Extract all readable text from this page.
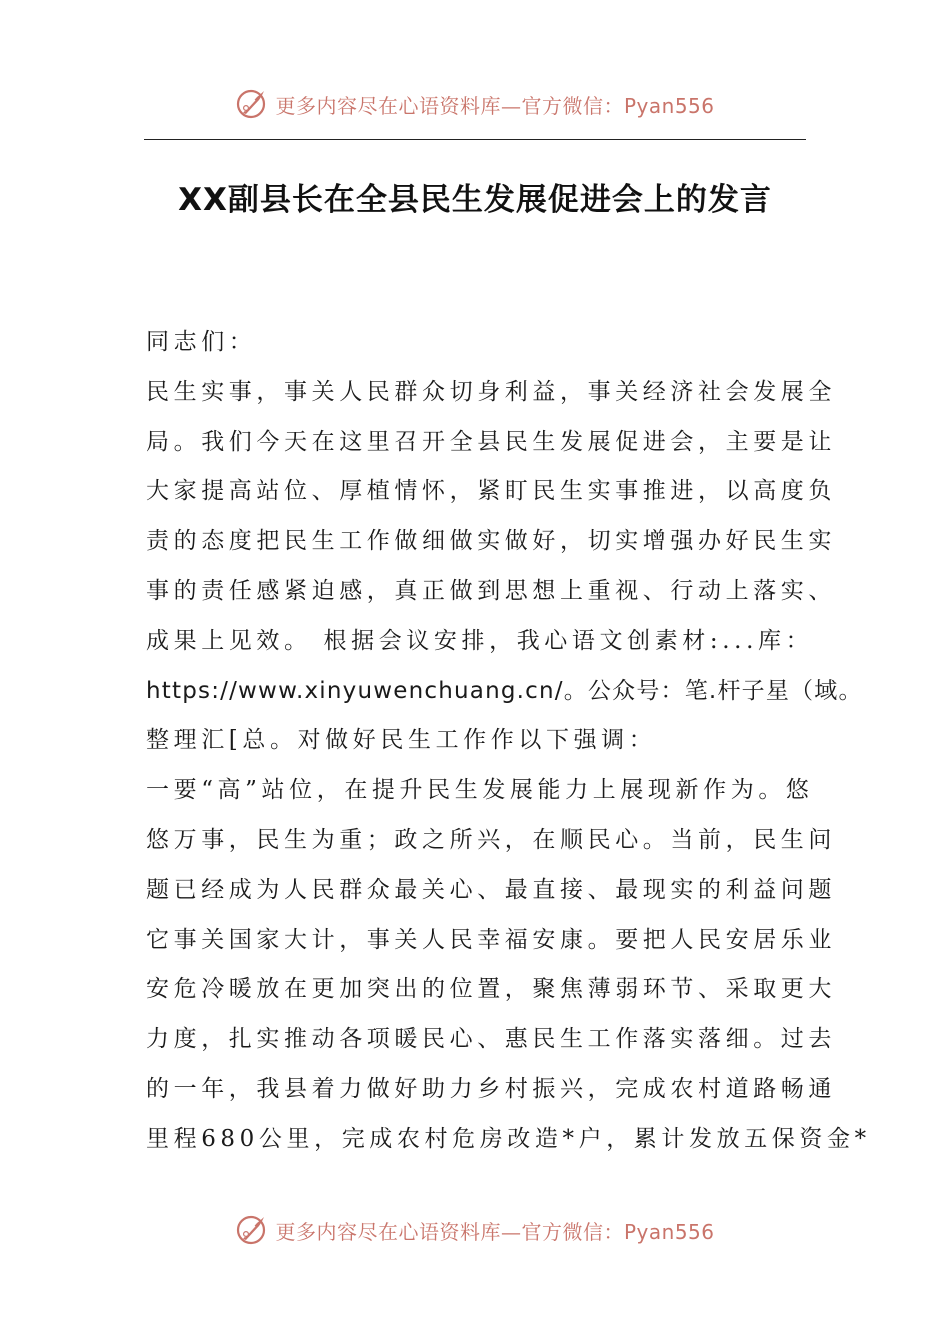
更多内容尽在心语资料库—官方微信：Pyan556
XX副县长在全县民生发展促进会上的发言
同志们：
民生实事，事关人民群众切身利益，事关经济社会发展全
局。我们今天在这里召开全县民生发展促进会，主要是让
大家提高站位、厚植情怀，紧盯民生实事推进，以高度负
责的态度把民生工作做细做实做好，切实增强办好民生实
事的责任感紧迫感，真正做到思想上重视、行动上落实、
成果上见效。 根据会议安排，我心语文创素材:...库：
https://www.xinyuwenchuang.cn/。公众号：笔.杆子星（域。
整理汇[总。对做好民生工作作以下强调：
一要“高”站位，在提升民生发展能力上展现新作为。悠
悠万事，民生为重；政之所兴，在顺民心。当前，民生问
题已经成为人民群众最关心、最直接、最现实的利益问题
它事关国家大计，事关人民幸福安康。要把人民安居乐业
安危冷暖放在更加突出的位置，聚焦薄弱环节、采取更大
力度，扎实推动各项暖民心、惠民生工作落实落细。过去
的一年，我县着力做好助力乡村振兴，完成农村道路畅通
里程680公里，完成农村危房改造*户，累计发放五保资金*
更多内容尽在心语资料库—官方微信：Pyan556
